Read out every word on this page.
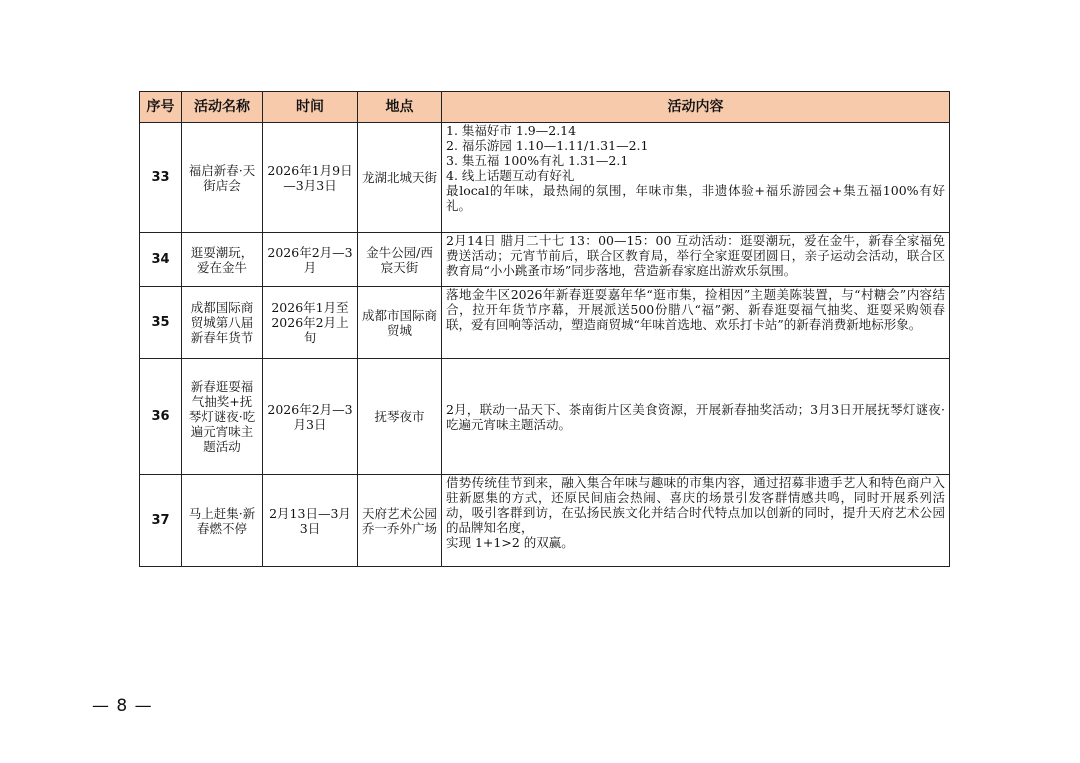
序号	活动名称	时间	地点	活动内容
33	福启新春·天街店会	2026年1月9日—3月3日	龙湖北城天街	1. 集福好市 1.9—2.14
2. 福乐游园 1.10—1.11/1.31—2.1
3. 集五福 100%有礼 1.31—2.1
4. 线上话题互动有好礼
最local的年味，最热闹的氛围，年味市集，非遗体验+福乐游园会+集五福100%有好礼。

34	逛耍潮玩，爱在金牛	2026年2月—3月	金牛公园/西宸天街	2月14日 腊月二十七 13：00—15：00 互动活动：逛耍潮玩，爱在金牛，新春全家福免费送活动；元宵节前后，联合区教育局，举行全家逛耍团圆日，亲子运动会活动，联合区教育局“小小跳蚤市场”同步落地，营造新春家庭出游欢乐氛围。

35	成都国际商贸城第八届新春年货节	2026年1月至2026年2月上旬	成都市国际商贸城	落地金牛区2026年新春逛耍嘉年华“逛市集，捡相因”主题美陈装置，与“村糖会”内容结合，拉开年货节序幕，开展派送500份腊八“福”粥、新春逛耍福气抽奖、逛耍采购领春联，爱有回响等活动，塑造商贸城“年味首选地、欢乐打卡站”的新春消费新地标形象。

36	新春逛耍福气抽奖+抚琴灯谜夜·吃遍元宵味主题活动	2026年2月—3月3日	抚琴夜市	2月，联动一品天下、茶南街片区美食资源，开展新春抽奖活动；3月3日开展抚琴灯谜夜·吃遍元宵味主题活动。

37	马上赶集·新春燃不停	2月13日—3月3日	天府艺术公园乔一乔外广场	借势传统佳节到来，融入集合年味与趣味的市集内容，通过招募非遗手艺人和特色商户入驻新愿集的方式，还原民间庙会热闹、喜庆的场景引发客群情感共鸣，同时开展系列活动，吸引客群到访，在弘扬民族文化并结合时代特点加以创新的同时，提升天府艺术公园的品牌知名度，
实现 1+1>2 的双赢。
— 8 —
